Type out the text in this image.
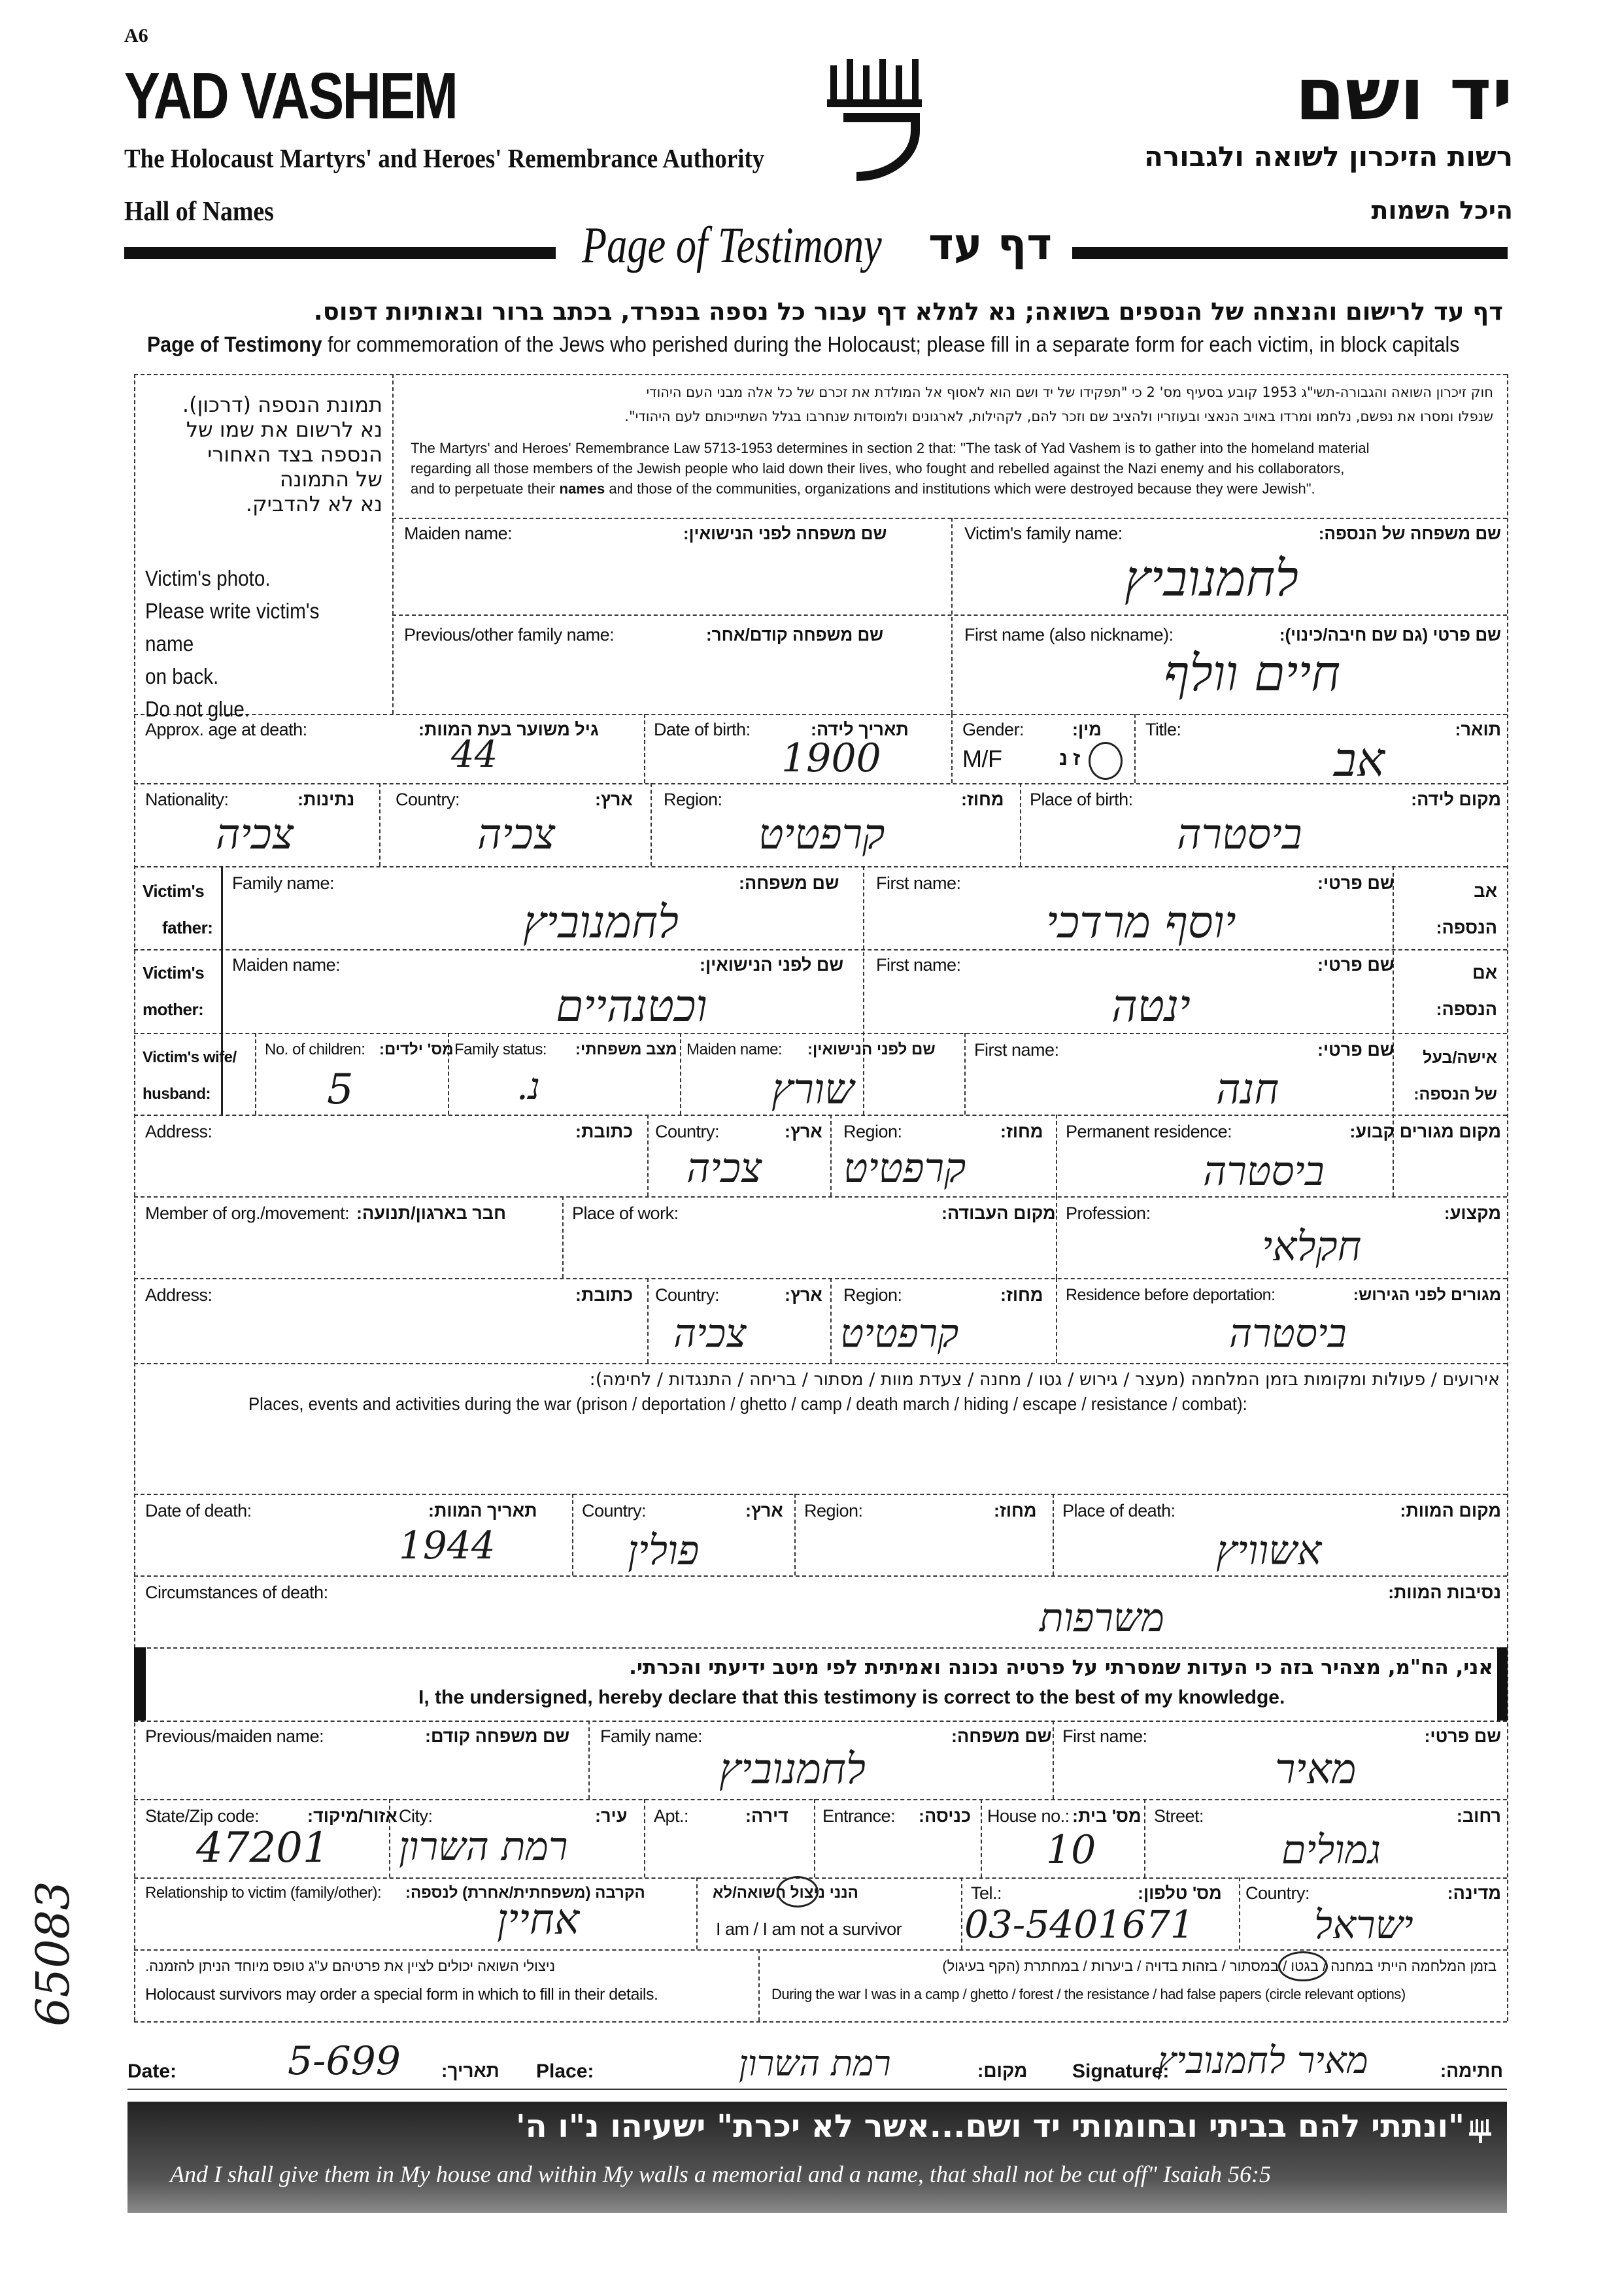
A6
YAD VASHEM
The Holocaust Martyrs' and Heroes' Remembrance Authority
Hall of Names
יד ושם
רשות הזיכרון לשואה ולגבורה
היכל השמות
Page of Testimony דף עד
דף עד לרישום והנצחה של הנספים בשואה; נא למלא דף עבור כל נספה בנפרד, בכתב ברור ובאותיות דפוס.
Page of Testimony for commemoration of the Jews who perished during the Holocaust; please fill in a separate form for each victim, in block capitals
תמונת הנספה (דרכון).
נא לרשום את שמו של
הנספה בצד האחורי
של התמונה
נא לא להדביק.
Victim's photo.
Please write victim's name
on back.
Do not glue.
חוק זיכרון השואה והגבורה-תשי"ג 1953 קובע בסעיף מס' 2 כי "תפקידו של יד ושם הוא לאסוף אל המולדת את זכרם של כל אלה מבני העם היהודי
שנפלו ומסרו את נפשם, נלחמו ומרדו באויב הנאצי ובעוזריו ולהציב שם וזכר להם, לקהילות, לארגונים ולמוסדות שנחרבו בגלל השתייכותם לעם היהודי".
The Martyrs' and Heroes' Remembrance Law 5713-1953 determines in section 2 that: "The task of Yad Vashem is to gather into the homeland material
regarding all those members of the Jewish people who laid down their lives, who fought and rebelled against the Nazi enemy and his collaborators,
and to perpetuate their names and those of the communities, organizations and institutions which were destroyed because they were Jewish".
Maiden name:	שם משפחה לפני הנישואין:	Victim's family name:	שם משפחה של הנספה:
לחמנוביץ
Previous/other family name:	שם משפחה קודם/אחר:	First name (also nickname):	שם פרטי (גם שם חיבה/כינוי):
חיים וולף
Approx. age at death:	גיל משוער בעת המוות:
44
Date of birth:	תאריך לידה:
1900
Gender:	מין:
M/F	ז נ
Title:	תואר:
אב
Nationality:	נתינות:
צכיה
Country:	ארץ:
צכיה
Region:	מחוז:
קרפטיט
Place of birth:	מקום לידה:
ביסטרה
Victim's
father:
Family name:	שם משפחה:
לחמנוביץ
First name:	שם פרטי:
יוסף מרדכי
אב
הנספה:
Victim's
mother:
Maiden name:	שם לפני הנישואין:
וכטנהיים
First name:	שם פרטי:
ינטה
אם
הנספה:
Victim's wife/
husband:
No. of children: מס' ילדים:
5
Family status: מצב משפחתי:
נ.
Maiden name: שם לפני הנישואין:
שורץ
First name:	שם פרטי:
חנה
אישה/בעל
של הנספה:
Address:	כתובת: Country:	ארץ:
צכיה
Region:	מחוז:
קרפטיט
Permanent residence:	מקום מגורים קבוע:
ביסטרה
Member of org./movement: חבר בארגון/תנועה:	Place of work:	מקום העבודה: Profession:	מקצוע:
חקלאי
Address:	כתובת: Country:	ארץ:
צכיה
Region:	מחוז:
קרפטיט
Residence before deportation:	מגורים לפני הגירוש:
ביסטרה
אירועים / פעולות ומקומות בזמן המלחמה (מעצר / גירוש / גטו / מחנה / צעדת מוות / מסתור / בריחה / התנגדות / לחימה):
Places, events and activities during the war (prison / deportation / ghetto / camp / death march / hiding / escape / resistance / combat):
Date of death:	תאריך המוות:
1944
Country:	ארץ:
פולין
Region:	מחוז: Place of death:	מקום המוות:
אשוויץ
Circumstances of death:	נסיבות המוות:
משרפות
אני, הח"מ, מצהיר בזה כי העדות שמסרתי על פרטיה נכונה ואמיתית לפי מיטב ידיעתי והכרתי.
I, the undersigned, hereby declare that this testimony is correct to the best of my knowledge.
Previous/maiden name:	שם משפחה קודם: Family name:	שם משפחה:
לחמנוביץ
First name:	שם פרטי:
מאיר
State/Zip code:	אזור/מיקוד:
47201
City:	עיר:
רמת השרון
Apt.:	דירה: Entrance: כניסה: House no.: מס' בית:
10
Street:	רחוב:
גמולים
Relationship to victim (family/other): הקרבה (משפחתית/אחרת) לנספה:
אחיין
הנני ניצול השואה/לא
I am / I am not a survivor
Tel.:	מס' טלפון:
03-5401671
Country:	מדינה:
ישראל
ניצולי השואה יכולים לציין את פרטיהם ע"ג טופס מיוחד הניתן להזמנה.
Holocaust survivors may order a special form in which to fill in their details.
בזמן המלחמה הייתי במחנה / בגטו / במסתור / בזהות בדויה / ביערות / במחתרת (הקף בעיגול)
During the war I was in a camp / ghetto / forest / the resistance / had false papers (circle relevant options)
Date:	5-699 תאריך: Place:	רמת השרון	מקום: Signature:
מאיר לחמנוביץ	חתימה:
"ונתתי להם בביתי ובחומותי יד ושם...אשר לא יכרת" ישעיהו נ"ו ה'
And I shall give them in My house and within My walls a memorial and a name, that shall not be cut off" Isaiah 56:5
65083
